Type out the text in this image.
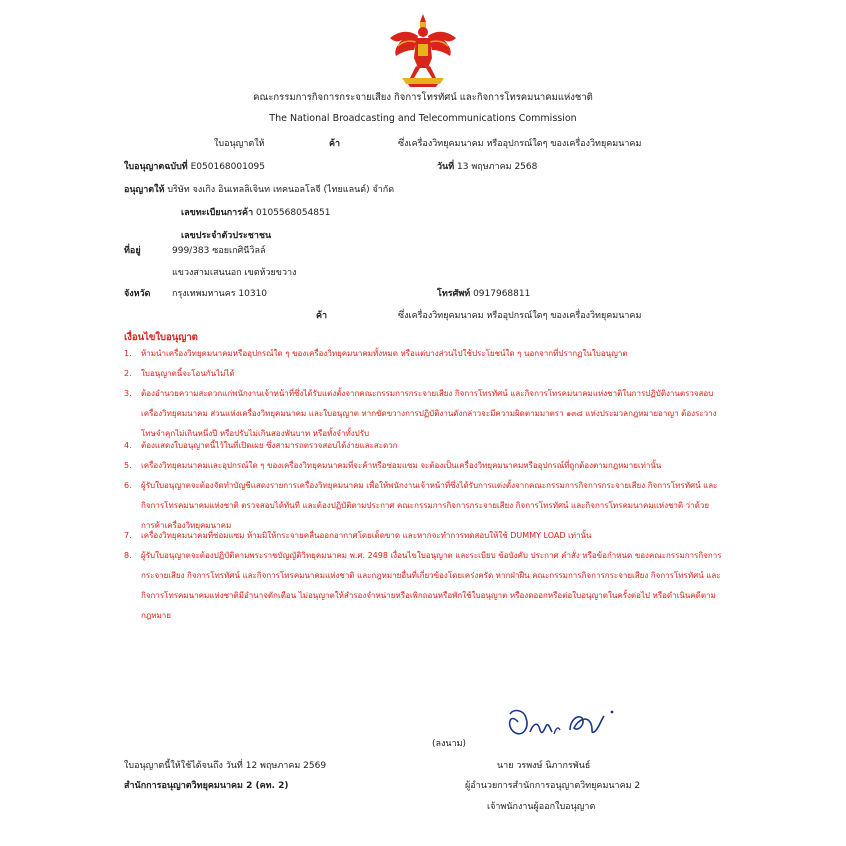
คณะกรรมการกิจการกระจายเสียง กิจการโทรทัศน์ และกิจการโทรคมนาคมแห่งชาติ
The National Broadcasting and Telecommunications Commission
ใบอนุญาตให้	ค้า	ซึ่งเครื่องวิทยุคมนาคม หรืออุปกรณ์ใดๆ ของเครื่องวิทยุคมนาคม
ใบอนุญาตฉบับที่ E050168001095	วันที่ 13 พฤษภาคม 2568
อนุญาตให้ บริษัท จงเกิง อินเทลลิเจินท เทคนอลโลจี (ไทยแลนด์) จำกัด
เลขทะเบียนการค้า 0105568054851
เลขประจำตัวประชาชน
ที่อยู่	999/383 ซอยเกศินีวิลล์
แขวงสามเสนนอก เขตห้วยขวาง
จังหวัด กรุงเทพมหานคร 10310	โทรศัพท์ 0917968811
ค้า	ซึ่งเครื่องวิทยุคมนาคม หรืออุปกรณ์ใดๆ ของเครื่องวิทยุคมนาคม
เงื่อนไขใบอนุญาต
1.	ห้ามนำเครื่องวิทยุคมนาคมหรืออุปกรณ์ใด ๆ ของเครื่องวิทยุคมนาคมทั้งหมด หรือแต่บางส่วนไปใช้ประโยชน์ใด ๆ นอกจากที่ปรากฏในใบอนุญาต
2.	ใบอนุญาตนี้จะโอนกันไม่ได้
3.	ต้องอำนวยความสะดวกแก่พนักงานเจ้าหน้าที่ซึ่งได้รับแต่งตั้งจากคณะกรรมการกระจายเสียง กิจการโทรทัศน์ และกิจการโทรคมนาคมแห่งชาติในการปฏิบัติงานตรวจสอบเครื่องวิทยุคมนาคม ส่วนแห่งเครื่องวิทยุคมนาคม และใบอนุญาต หากขัดขวางการปฏิบัติงานดังกล่าวจะมีความผิดตามมาตรา ๑๓๘ แห่งประมวลกฎหมายอาญา ต้องระวางโทษจำคุกไม่เกินหนึ่งปี หรือปรับไม่เกินสองพันบาท หรือทั้งจำทั้งปรับ
4.	ต้องแสดงใบอนุญาตนี้ไว้ในที่เปิดเผย ซึ่งสามารถตรวจสอบได้ง่ายและสะดวก
5.	เครื่องวิทยุคมนาคมและอุปกรณ์ใด ๆ ของเครื่องวิทยุคมนาคมที่จะค้าหรือซ่อมแซม จะต้องเป็นเครื่องวิทยุคมนาคมหรืออุปกรณ์ที่ถูกต้องตามกฎหมายเท่านั้น
6.	ผู้รับใบอนุญาตจะต้องจัดทำบัญชีแสดงรายการเครื่องวิทยุคมนาคม เพื่อให้พนักงานเจ้าหน้าที่ซึ่งได้รับการแต่งตั้งจากคณะกรรมการกิจการกระจายเสียง กิจการโทรทัศน์ และกิจการโทรคมนาคมแห่งชาติ ตรวจสอบได้ทันที และต้องปฏิบัติตามประกาศ คณะกรรมการกิจการกระจายเสียง กิจการโทรทัศน์ และกิจการโทรคมนาคมแห่งชาติ ว่าด้วย การค้าเครื่องวิทยุคมนาคม
7.	เครื่องวิทยุคมนาคมที่ซ่อมแซม ห้ามมิให้กระจายคลื่นออกอากาศโดยเด็ดขาด และหากจะทำการทดสอบให้ใช้ DUMMY LOAD เท่านั้น
8.	ผู้รับใบอนุญาตจะต้องปฏิบัติตามพระราชบัญญัติวิทยุคมนาคม พ.ศ. 2498 เงื่อนไขใบอนุญาต และระเบียบ ข้อบังคับ ประกาศ คำสั่ง หรือข้อกำหนด ของคณะกรรมการกิจการกระจายเสียง กิจการโทรทัศน์ และกิจการโทรคมนาคมแห่งชาติ และกฎหมายอื่นที่เกี่ยวข้องโดยเคร่งครัด หากฝ่าฝืน คณะกรรมการกิจการกระจายเสียง กิจการโทรทัศน์ และกิจการโทรคมนาคมแห่งชาติมีอำนาจตักเตือน ไม่อนุญาตให้สำรองจำหน่ายหรือเพิกถอนหรือพักใช้ใบอนุญาต หรืองดออกหรือต่อใบอนุญาตในครั้งต่อไป หรือดำเนินคดีตามกฎหมาย
(ลงนาม)
ใบอนุญาตนี้ให้ใช้ได้จนถึง วันที่ 12 พฤษภาคม 2569	นาย วรพงษ์ นิภากรพันธ์
สำนักการอนุญาตวิทยุคมนาคม 2 (คท. 2)	ผู้อำนวยการสำนักการอนุญาตวิทยุคมนาคม 2
เจ้าพนักงานผู้ออกใบอนุญาต
